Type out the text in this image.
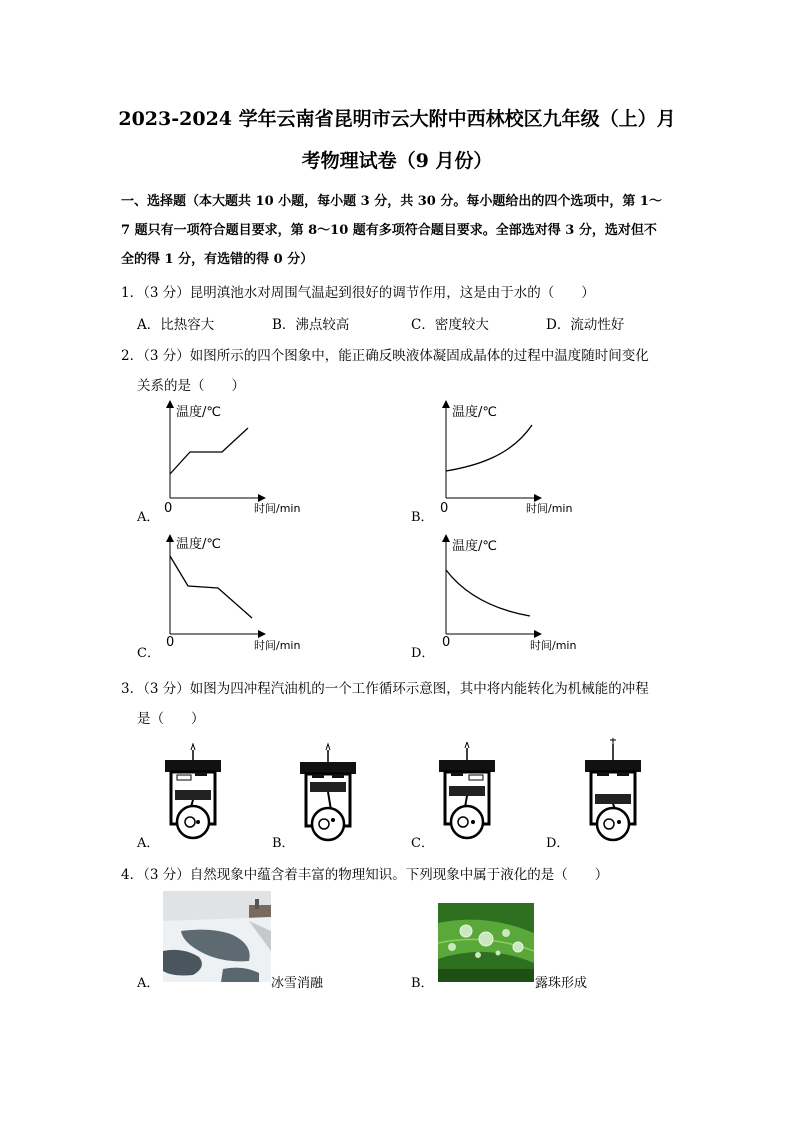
2023-2024 学年云南省昆明市云大附中西林校区九年级（上）月
考物理试卷（9 月份）
一、选择题（本大题共 10 小题，每小题 3 分，共 30 分。每小题给出的四个选项中，第 1～
7 题只有一项符合题目要求，第 8～10 题有多项符合题目要求。全部选对得 3 分，选对但不
全的得 1 分，有选错的得 0 分）
1．（3 分）昆明滇池水对周围气温起到很好的调节作用，这是由于水的（　　）
A．比热容大	B．沸点较高	C．密度较大	D．流动性好
2．（3 分）如图所示的四个图象中，能正确反映液体凝固成晶体的过程中温度随时间变化
关系的是（　　）
A．
温度/℃
0	时间/min
B．
温度/℃
0	时间/min
C．
温度/℃
0	时间/min
D．
温度/℃
0	时间/min
3．（3 分）如图为四冲程汽油机的一个工作循环示意图，其中将内能转化为机械能的冲程
是（　　）
A．	B．	C．	D．
4．（3 分）自然现象中蕴含着丰富的物理知识。下列现象中属于液化的是（　　）
A．	冰雪消融	B．	露珠形成
